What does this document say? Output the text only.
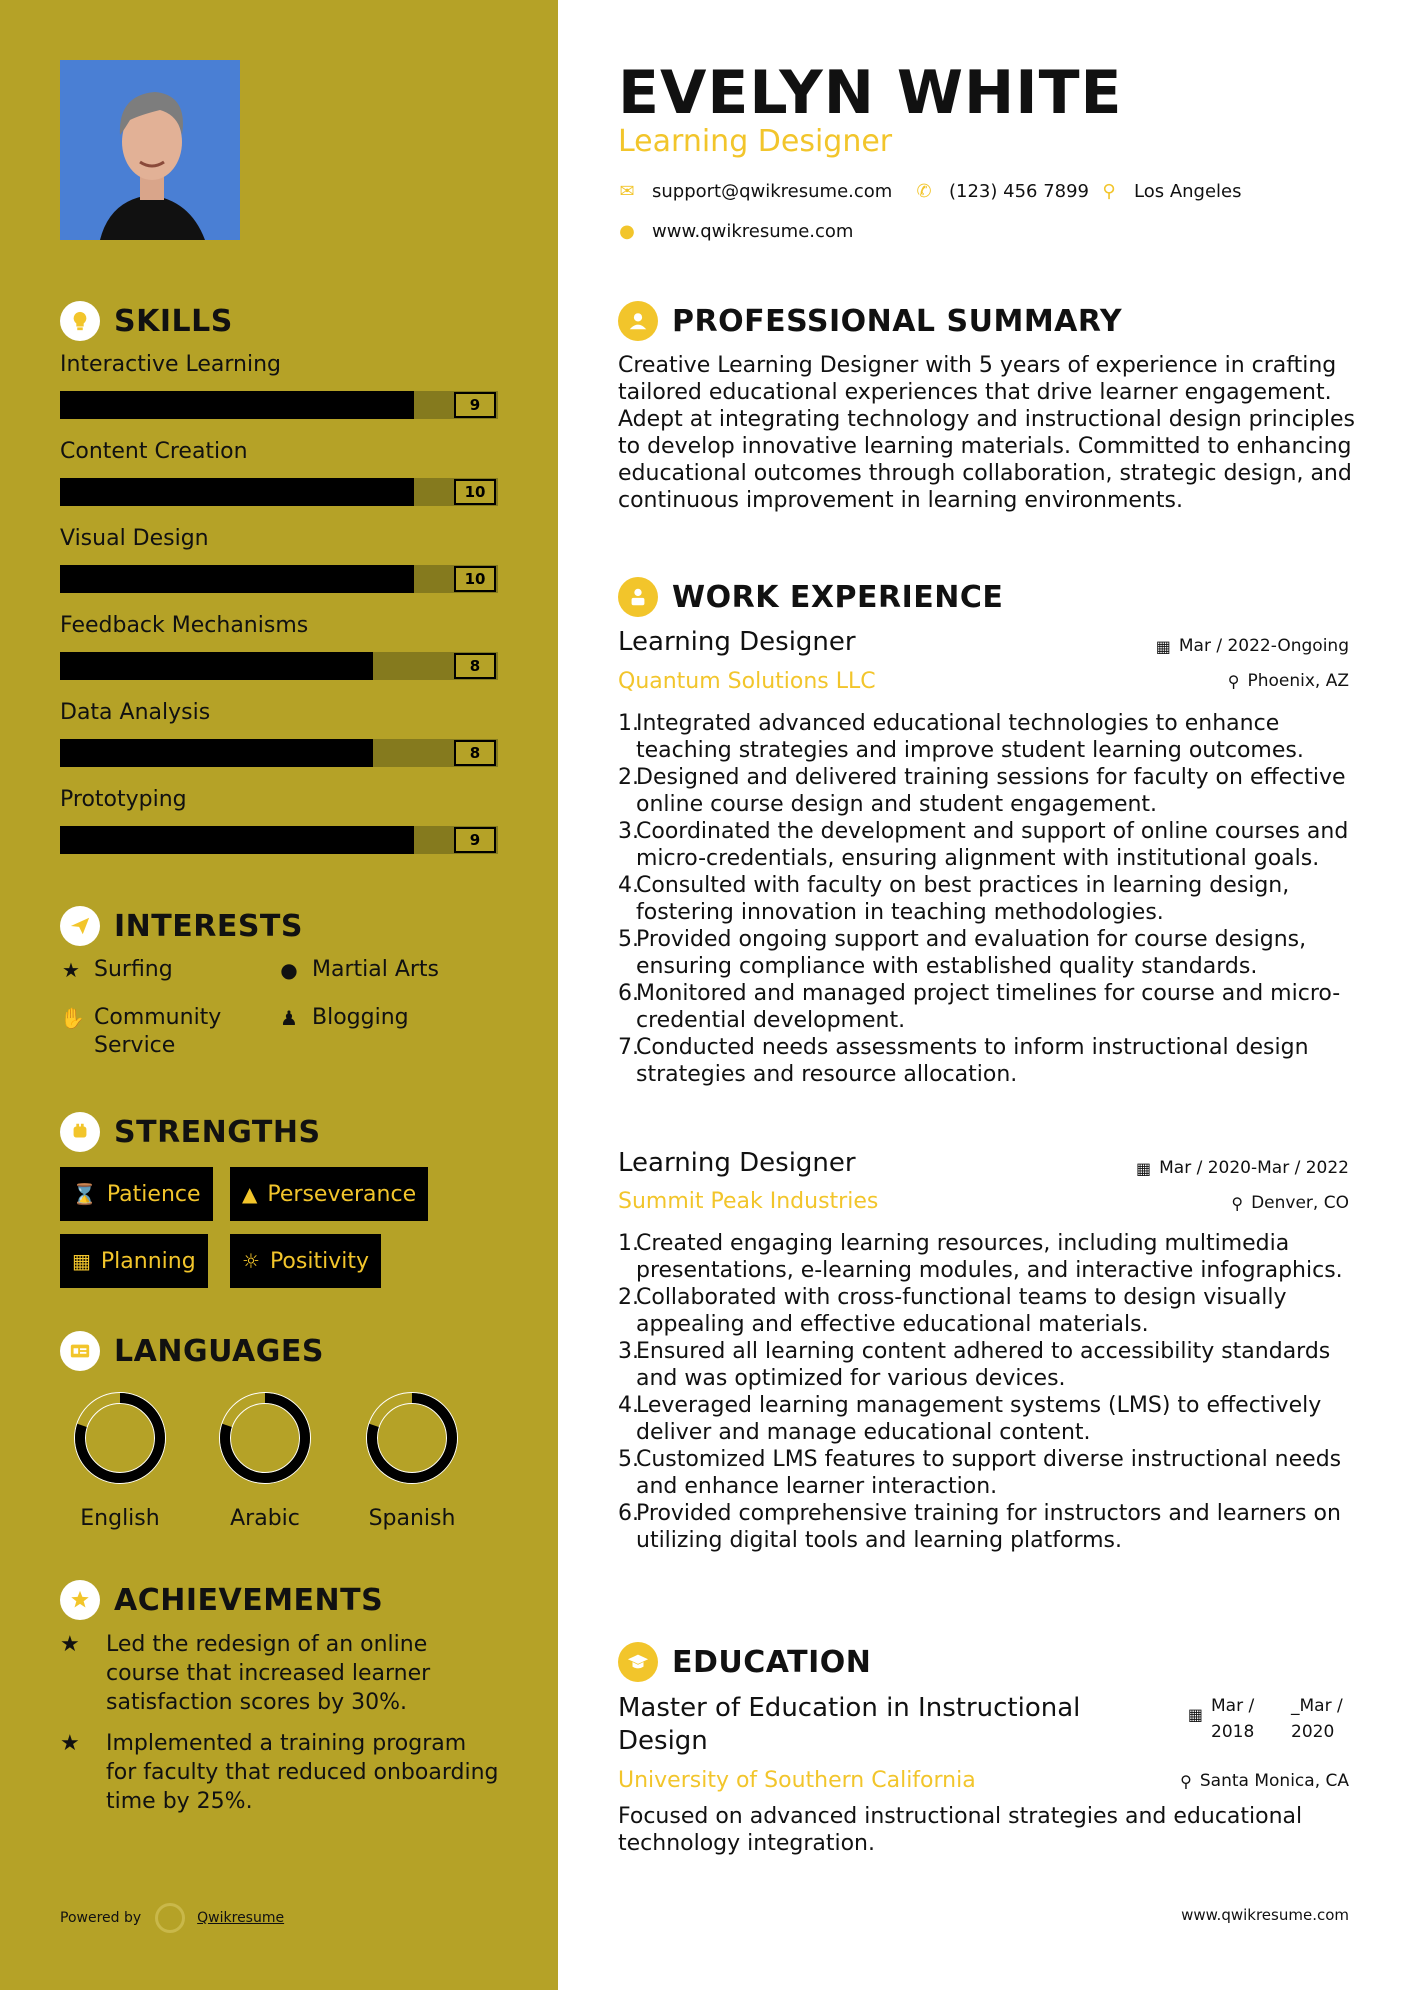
SKILLS
Interactive Learning
9
Content Creation
10
Visual Design
10
Feedback Mechanisms
8
Data Analysis
8
Prototyping
9
INTERESTS
★ Surfing	● Martial Arts
✋ Community Service
♟ Blogging
STRENGTHS
⌛ Patience ▲ Perseverance
▦ Planning ☼ Positivity
LANGUAGES
English	Arabic	Spanish
ACHIEVEMENTS
★	Led the redesign of an online course that increased learner satisfaction scores by 30%.
★	Implemented a training program for faculty that reduced onboarding time by 25%.
Powered by	Qwikresume
EVELYN WHITE
Learning Designer
✉ support@qwikresume.com ✆ (123) 456 7899 ⚲ Los Angeles
● www.qwikresume.com
PROFESSIONAL SUMMARY
Creative Learning Designer with 5 years of experience in crafting tailored educational experiences that drive learner engagement. Adept at integrating technology and instructional design principles to develop innovative learning materials. Committed to enhancing educational outcomes through collaboration, strategic design, and continuous improvement in learning environments.
WORK EXPERIENCE
Learning Designer	▦ Mar / 2022-Ongoing
Quantum Solutions LLC	⚲ Phoenix, AZ
1.
Integrated advanced educational technologies to enhance teaching strategies and improve student learning outcomes.
2.
Designed and delivered training sessions for faculty on effective online course design and student engagement.
3.
Coordinated the development and support of online courses and micro-credentials, ensuring alignment with institutional goals.
4.
Consulted with faculty on best practices in learning design, fostering innovation in teaching methodologies.
5.
Provided ongoing support and evaluation for course designs, ensuring compliance with established quality standards.
6.
Monitored and managed project timelines for course and micro-credential development.
7.
Conducted needs assessments to inform instructional design strategies and resource allocation.
Learning Designer	▦ Mar / 2020-Mar / 2022
Summit Peak Industries	⚲ Denver, CO
1.
Created engaging learning resources, including multimedia presentations, e-learning modules, and interactive infographics.
2.
Collaborated with cross-functional teams to design visually appealing and effective educational materials.
3.
Ensured all learning content adhered to accessibility standards and was optimized for various devices.
4.
Leveraged learning management systems (LMS) to effectively deliver and manage educational content.
5.
Customized LMS features to support diverse instructional needs and enhance learner interaction.
6.
Provided comprehensive training for instructors and learners on utilizing digital tools and learning platforms.
EDUCATION
Master of Education in Instructional Design
▦ Mar / 2018
_Mar / 2020
University of Southern California	⚲ Santa Monica, CA
Focused on advanced instructional strategies and educational technology integration.
www.qwikresume.com
